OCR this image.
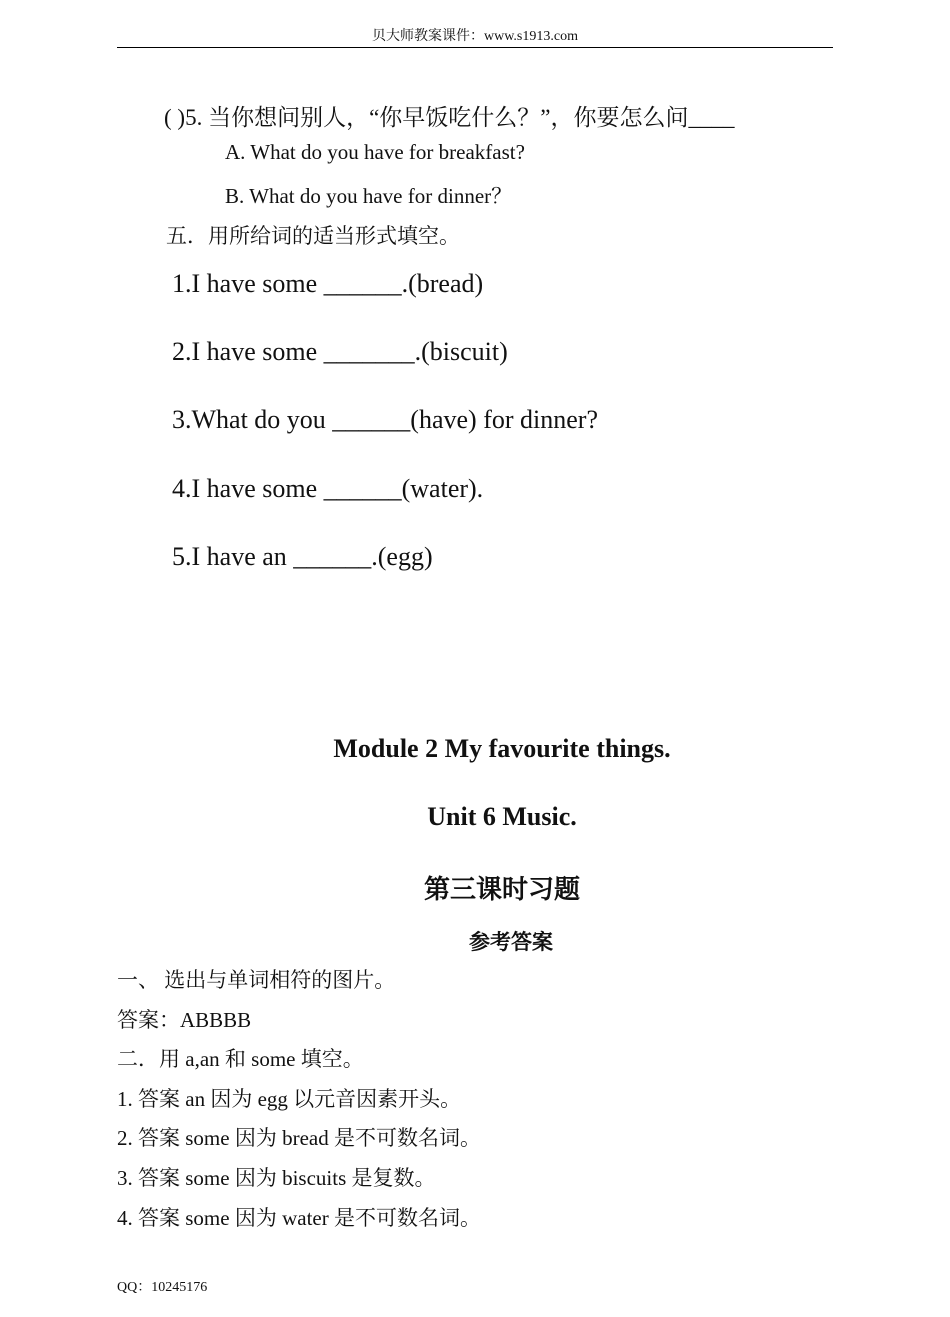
贝大师教案课件：www.s1913.com
( )5. 当你想问别人，“你早饭吃什么？”，你要怎么问____
A. What do you have for breakfast?
B. What do you have for dinner？
五．用所给词的适当形式填空。
1.I have some ______.(bread)
2.I have some _______.(biscuit)
3.What do you ______(have) for dinner?
4.I have some ______(water).
5.I have an ______.(egg)
Module 2 My favourite things.
Unit 6 Music.
第三课时习题
参考答案
一、 选出与单词相符的图片。
答案：ABBBB
二．用 a,an 和 some 填空。
1. 答案 an 因为 egg 以元音因素开头。
2. 答案 some 因为 bread 是不可数名词。
3. 答案 some 因为 biscuits 是复数。
4. 答案 some 因为 water 是不可数名词。
QQ：10245176
